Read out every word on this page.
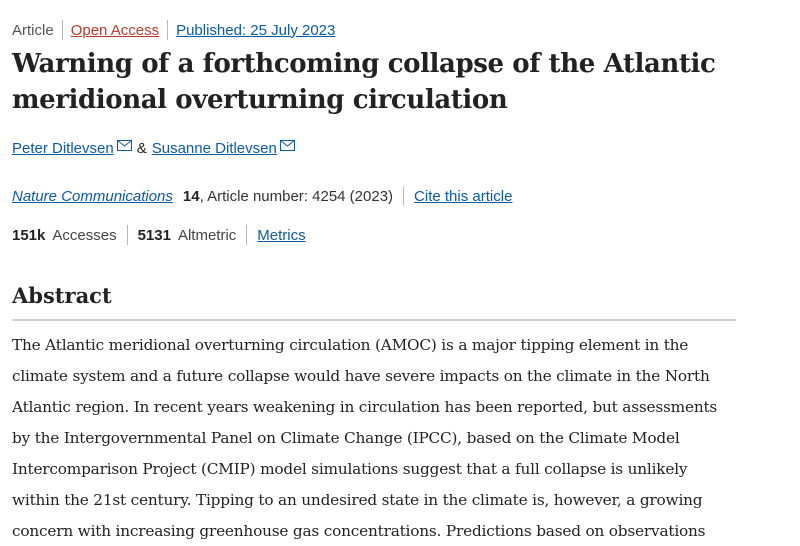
Article Open Access Published: 25 July 2023
Warning of a forthcoming collapse of the Atlantic meridional overturning circulation
Peter Ditlevsen & Susanne Ditlevsen
Nature Communications 14 , Article number: 4254 (2023) Cite this article
151k Accesses 5131 Altmetric Metrics
Abstract

The Atlantic meridional overturning circulation (AMOC) is a major tipping element in the
climate system and a future collapse would have severe impacts on the climate in the North
Atlantic region. In recent years weakening in circulation has been reported, but assessments
by the Intergovernmental Panel on Climate Change (IPCC), based on the Climate Model
Intercomparison Project (CMIP) model simulations suggest that a full collapse is unlikely
within the 21st century. Tipping to an undesired state in the climate is, however, a growing
concern with increasing greenhouse gas concentrations. Predictions based on observations
